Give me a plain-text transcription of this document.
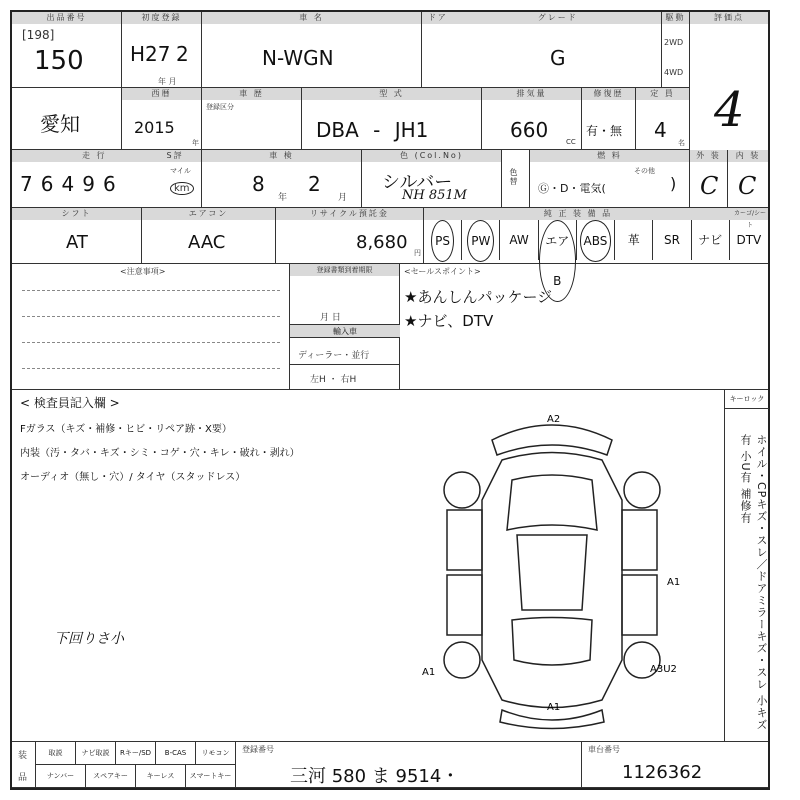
出品番号
[198]
150
初度登録
H27 2
年 月
車 名
N-WGN
ドア	グレード
G
駆動
2WD
4WD
評価点
4
愛知
西暦
2015
年
車 歴
登録区分
型 式
DBA - JH1
排気量
660	CC
修復歴
有・無
定 員
4
名
走 行	S評
7 6 4 9 6
マイル
km
車 検
8
年
2
月
色 (Col.No)
シルバー
NH 851M
色替
燃 料
Ⓖ・D・電気(
その他
)
外 装
C
内 装
C
シフト
AT
エアコン
AAC
リサイクル預託金
8,680 円
純 正 装 備 品	カーゴ/シート
PS	PW	AW	エアB
ABS	革	SR	ナビ	DTV
<注意事項>	登録書類到着期限
月 日
輸入車
ディーラー・並行
左H ・ 右H
<セールスポイント>
★あんしんパッケージ
★ナビ、DTV
< 検査員記入欄 >
Fガラス（キズ・補修・ヒビ・リペア跡・X要）
内装（汚・タバ・キズ・シミ・コゲ・穴・キレ・破れ・剥れ）
オーディオ（無し・穴）/ タイヤ（スタッドレス）
下回りさ小
キーロック
ホイル・CPキズ・スレ／ドアミラーキズ・スレ 小キズ有 小U有 補修有
A2
A1
A1	A3U2
A1
装
品
取説	ナビ取説	Rキー/SD	B-CAS	リモコン
ナンバー	スペアキー	キーレス	スマートキー
登録番号
三河 580 ま 9514・
車台番号
1126362
